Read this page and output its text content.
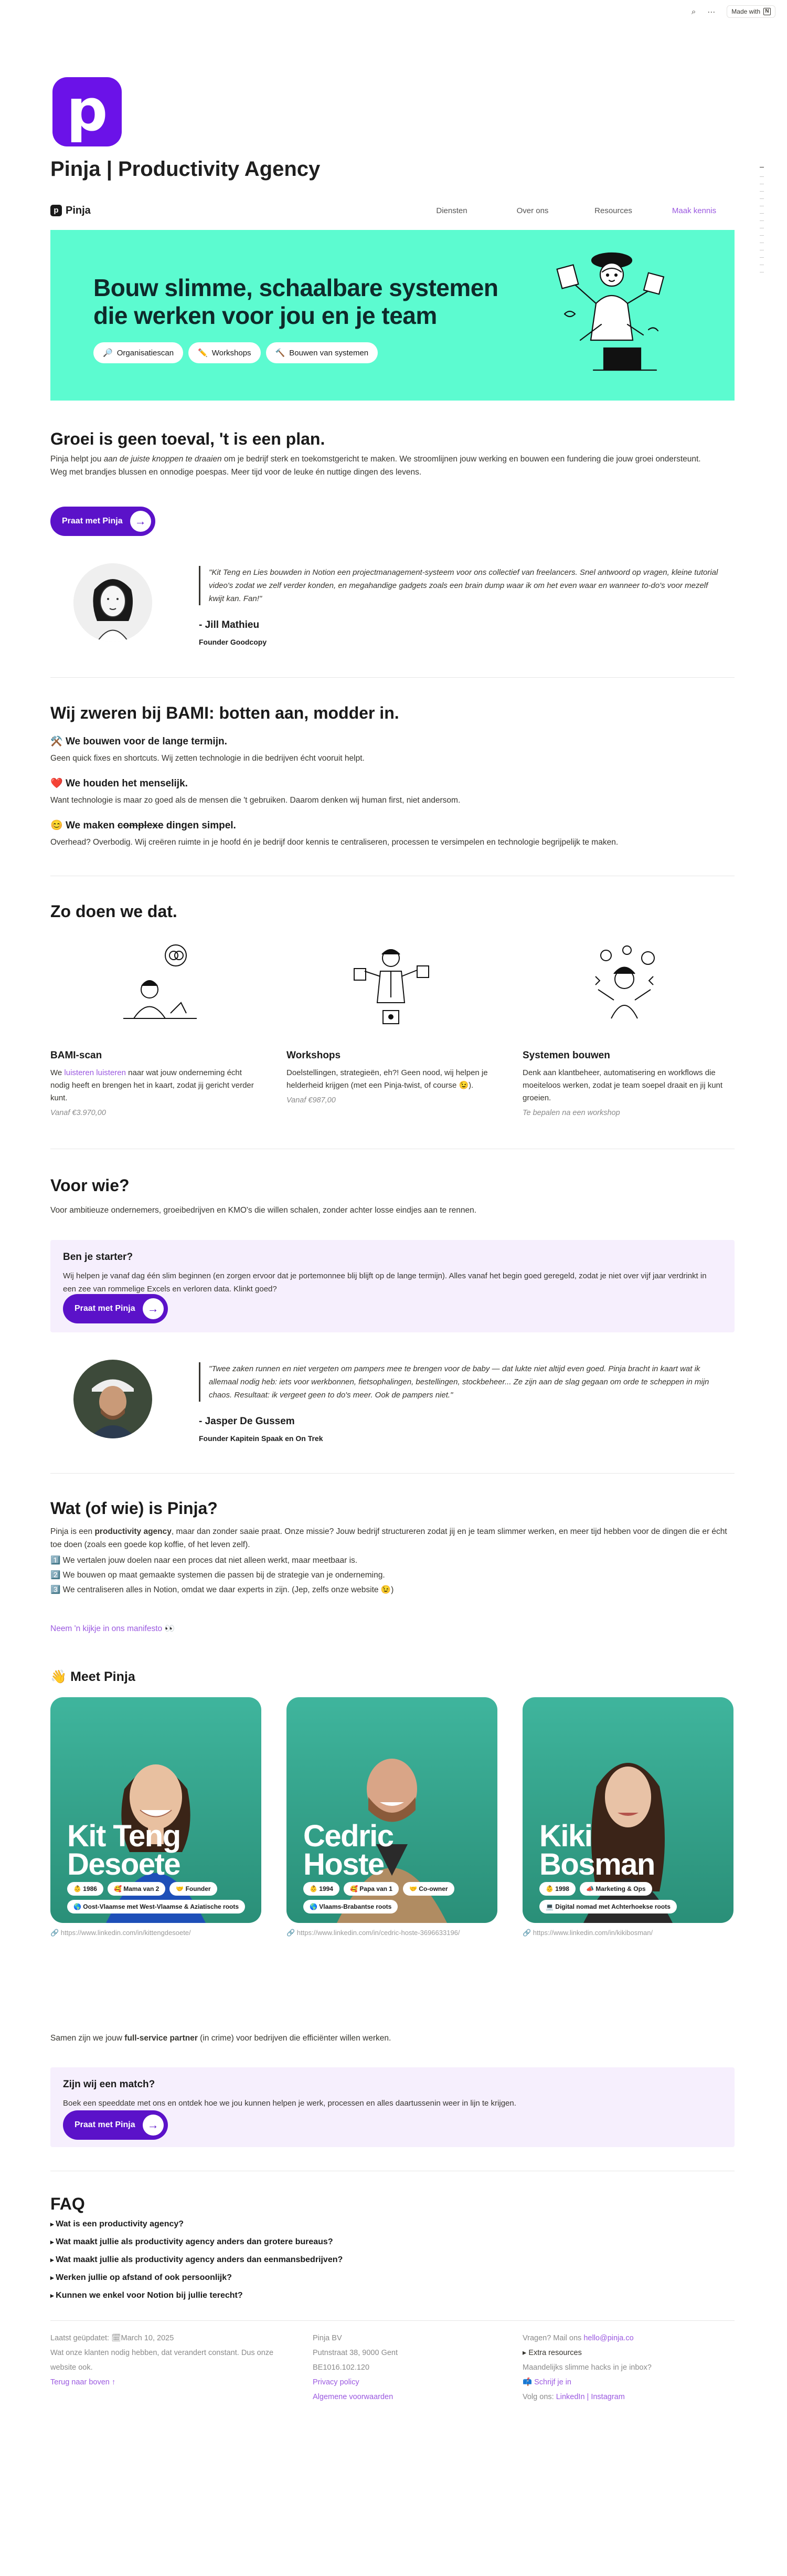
⌕ ···	Made with N
p
Pinja | Productivity Agency
p Pinja	Diensten	Over ons	Resources	Maak kennis
Bouw slimme, schaalbare systemen
die werken voor jou en je team
🔎 Organisatiescan	✏️ Workshops	🔨 Bouwen van systemen
Groei is geen toeval, 't is een plan.
Pinja helpt jou aan de juiste knoppen te draaien om je bedrijf sterk en toekomstgericht te maken. We stroomlijnen jouw werking en bouwen een fundering die jouw groei ondersteunt.
Weg met brandjes blussen en onnodige poespas. Meer tijd voor de leuke én nuttige dingen des levens.
Praat met Pinja	→
"Kit Teng en Lies bouwden in Notion een projectmanagement-systeem voor ons collectief van freelancers. Snel antwoord op vragen, kleine tutorial video's zodat we zelf verder konden, en megahandige gadgets zoals een brain dump waar ik om het even waar en wanneer to-do's voor mezelf kwijt kan. Fan!"
- Jill Mathieu
Founder Goodcopy
Wij zweren bij BAMI: botten aan, modder in.
⚒️ We bouwen voor de lange termijn.
Geen quick fixes en shortcuts. Wij zetten technologie in die bedrijven écht vooruit helpt.
❤️ We houden het menselijk.
Want technologie is maar zo goed als de mensen die 't gebruiken. Daarom denken wij human first, niet andersom.
😊 We maken complexe dingen simpel.
Overhead? Overbodig. Wij creëren ruimte in je hoofd én je bedrijf door kennis te centraliseren, processen te versimpelen en technologie begrijpelijk te maken.
Zo doen we dat.
BAMI-scan
We luisteren luisteren naar wat jouw onderneming écht nodig heeft en brengen het in kaart, zodat jij gericht verder kunt.
Vanaf €3.970,00
Workshops
Doelstellingen, strategieën, eh?! Geen nood, wij helpen je helderheid krijgen (met een Pinja-twist, of course 😉).
Vanaf €987,00
Systemen bouwen
Denk aan klantbeheer, automatisering en workflows die moeiteloos werken, zodat je team soepel draait en jij kunt groeien.
Te bepalen na een workshop
Voor wie?
Voor ambitieuze ondernemers, groeibedrijven en KMO's die willen schalen, zonder achter losse eindjes aan te rennen.
Ben je starter?
Wij helpen je vanaf dag één slim beginnen (en zorgen ervoor dat je portemonnee blij blijft op de lange termijn). Alles vanaf het begin goed geregeld, zodat je niet over vijf jaar verdrinkt in een zee van rommelige Excels en verloren data. Klinkt goed?
Praat met Pinja	→
"Twee zaken runnen en niet vergeten om pampers mee te brengen voor de baby — dat lukte niet altijd even goed. Pinja bracht in kaart wat ik allemaal nodig heb: iets voor werkbonnen, fietsophalingen, bestellingen, stockbeheer... Ze zijn aan de slag gegaan om orde te scheppen in mijn chaos. Resultaat: ik vergeet geen to do's meer. Ook de pampers niet."
- Jasper De Gussem
Founder Kapitein Spaak en On Trek
Wat (of wie) is Pinja?
Pinja is een productivity agency, maar dan zonder saaie praat. Onze missie? Jouw bedrijf structureren zodat jij en je team slimmer werken, en meer tijd hebben voor de dingen die er écht toe doen (zoals een goede kop koffie, of het leven zelf).
1️⃣ We vertalen jouw doelen naar een proces dat niet alleen werkt, maar meetbaar is.
2️⃣ We bouwen op maat gemaakte systemen die passen bij de strategie van je onderneming.
3️⃣ We centraliseren alles in Notion, omdat we daar experts in zijn. (Jep, zelfs onze website 😉)
Neem 'n kijkje in ons manifesto 👀
👋 Meet Pinja
Kit Teng
Desoete
👶 1986	🥰 Mama van 2	🤝 Founder
🌎 Oost-Vlaamse met West-Vlaamse & Aziatische roots
🔗 https://www.linkedin.com/in/kittengdesoete/
Cedric
Hoste
👶 1994	🥰 Papa van 1	🤝 Co-owner
🌎 Vlaams-Brabantse roots
🔗 https://www.linkedin.com/in/cedric-hoste-3696633196/
Kiki
Bosman
👶 1998	📣 Marketing & Ops
💻 Digital nomad met Achterhoekse roots
🔗 https://www.linkedin.com/in/kikibosman/
Samen zijn we jouw full-service partner (in crime) voor bedrijven die efficiënter willen werken.
Zijn wij een match?
Boek een speeddate met ons en ontdek hoe we jou kunnen helpen je werk, processen en alles daartussenin weer in lijn te krijgen.
Praat met Pinja	→
FAQ
▸ Wat is een productivity agency?
▸ Wat maakt jullie als productivity agency anders dan grotere bureaus?
▸ Wat maakt jullie als productivity agency anders dan eenmansbedrijven?
▸ Werken jullie op afstand of ook persoonlijk?
▸ Kunnen we enkel voor Notion bij jullie terecht?
Laatst geüpdatet: 🗓March 10, 2025
Wat onze klanten nodig hebben, dat verandert constant. Dus onze website ook.
Terug naar boven ↑
Pinja BV
Putnstraat 38, 9000 Gent
BE1016.102.120
Privacy policy
Algemene voorwaarden
Vragen? Mail ons hello@pinja.co
▸ Extra resources
Maandelijks slimme hacks in je inbox?
📫 Schrijf je in
Volg ons: LinkedIn | Instagram
